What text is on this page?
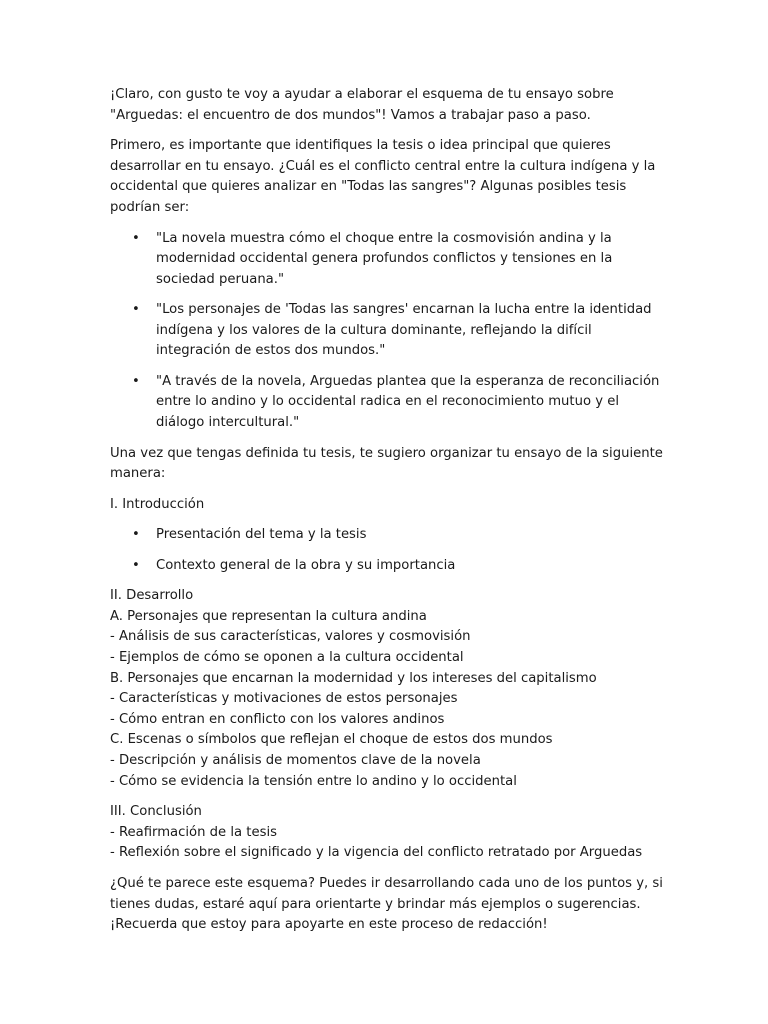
¡Claro, con gusto te voy a ayudar a elaborar el esquema de tu ensayo sobre "Arguedas: el encuentro de dos mundos"! Vamos a trabajar paso a paso.

Primero, es importante que identifiques la tesis o idea principal que quieres desarrollar en tu ensayo. ¿Cuál es el conflicto central entre la cultura indígena y la occidental que quieres analizar en "Todas las sangres"? Algunas posibles tesis podrían ser:

• "La novela muestra cómo el choque entre la cosmovisión andina y la modernidad occidental genera profundos conflictos y tensiones en la sociedad peruana."
• "Los personajes de 'Todas las sangres' encarnan la lucha entre la identidad indígena y los valores de la cultura dominante, reflejando la difícil integración de estos dos mundos."
• "A través de la novela, Arguedas plantea que la esperanza de reconciliación entre lo andino y lo occidental radica en el reconocimiento mutuo y el diálogo intercultural."

Una vez que tengas definida tu tesis, te sugiero organizar tu ensayo de la siguiente manera:

I. Introducción

• Presentación del tema y la tesis
• Contexto general de la obra y su importancia
II. Desarrollo
A. Personajes que representan la cultura andina
- Análisis de sus características, valores y cosmovisión
- Ejemplos de cómo se oponen a la cultura occidental
B. Personajes que encarnan la modernidad y los intereses del capitalismo
- Características y motivaciones de estos personajes
- Cómo entran en conflicto con los valores andinos
C. Escenas o símbolos que reflejan el choque de estos dos mundos
- Descripción y análisis de momentos clave de la novela
- Cómo se evidencia la tensión entre lo andino y lo occidental
III. Conclusión
- Reafirmación de la tesis
- Reflexión sobre el significado y la vigencia del conflicto retratado por Arguedas

¿Qué te parece este esquema? Puedes ir desarrollando cada uno de los puntos y, si tienes dudas, estaré aquí para orientarte y brindar más ejemplos o sugerencias. ¡Recuerda que estoy para apoyarte en este proceso de redacción!
